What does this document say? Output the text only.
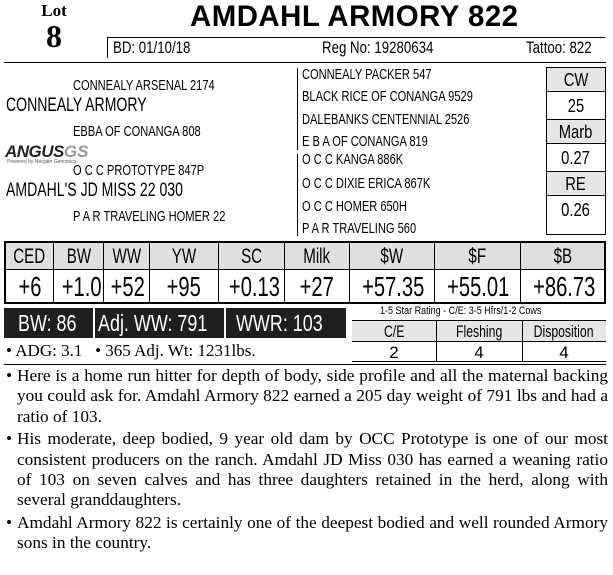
Lot
8
AMDAHL ARMORY 822
BD: 01/10/18	Reg No: 19280634	Tattoo: 822
CONNEALY ARSENAL 2174
CONNEALY ARMORY
EBBA OF CONANGA 808
ANGUSGS
Powered by Neogen Genomics
O C C PROTOTYPE 847P
AMDAHL'S JD MISS 22 030
P A R TRAVELING HOMER 22
CONNEALY PACKER 547
BLACK RICE OF CONANGA 9529
DALEBANKS CENTENNIAL 2526
E B A OF CONANGA 819
O C C KANGA 886K
O C C DIXIE ERICA 867K
O C C HOMER 650H
P A R TRAVELING 560
CW
25
Marb
0.27
RE
0.26
CED BW	WW	YW	SC	Milk	$W	$F	$B
+6 +1.0 +52 +95 +0.13 +27 +57.35 +55.01 +86.73
BW: 86 Adj. WW: 791 WWR: 103
• ADG: 3.1 • 365 Adj. Wt: 1231lbs.
1-5 Star Rating - C/E: 3-5 Hfrs/1-2 Cows
C/E	Fleshing	Disposition
2	4	4
• Here is a home run hitter for depth of body, side profile and all the maternal backing you could ask for. Amdahl Armory 822 earned a 205 day weight of 791 lbs and had a ratio of 103.
• His moderate, deep bodied, 9 year old dam by OCC Prototype is one of our most consistent producers on the ranch. Amdahl JD Miss 030 has earned a weaning ratio of 103 on seven calves and has three daughters retained in the herd, along with several granddaughters.
• Amdahl Armory 822 is certainly one of the deepest bodied and well rounded Armory sons in the country.
